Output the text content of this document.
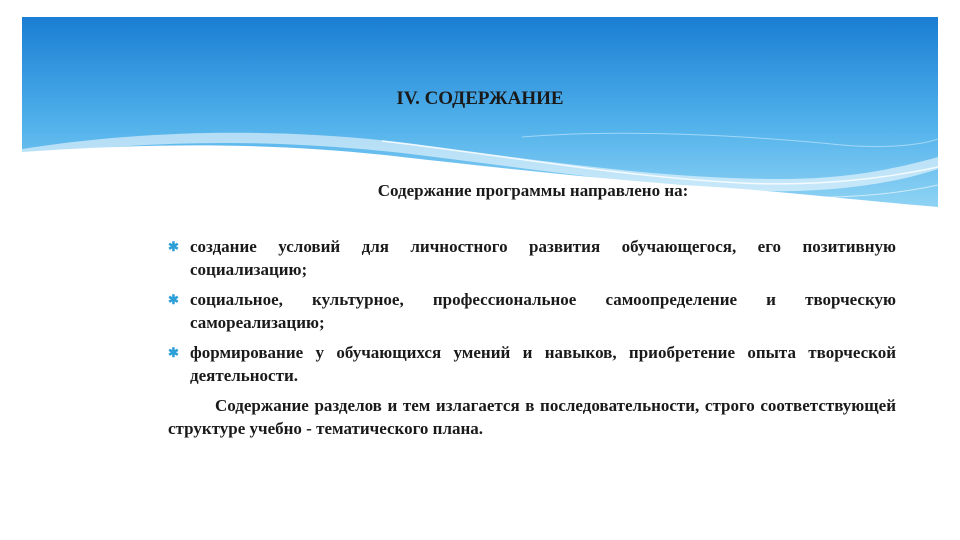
IV. СОДЕРЖАНИЕ
Содержание программы направлено на:
✱ создание условий для личностного развития обучающегося, его позитивную социализацию;
✱ социальное, культурное, профессиональное самоопределение и творческую самореализацию;
✱ формирование у обучающихся умений и навыков, приобретение опыта творческой деятельности.
Содержание разделов и тем излагается в последовательности, строго соответствующей структуре учебно - тематического плана.
